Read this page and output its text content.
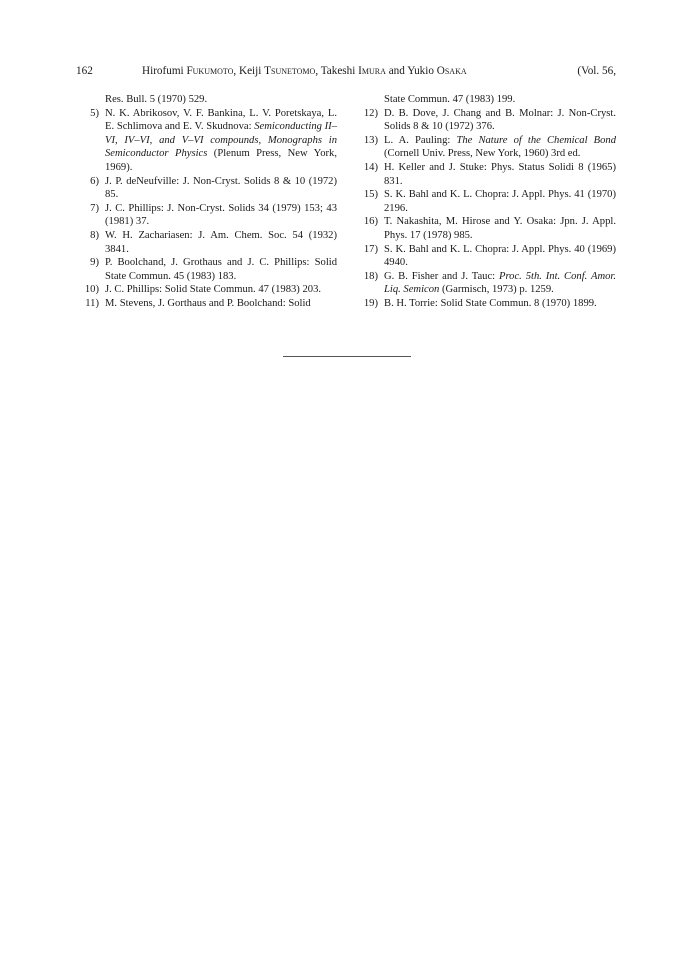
162	Hirofumi Fukumoto, Keiji Tsunetomo, Takeshi Imura and Yukio Osaka	(Vol. 56,
Res. Bull. 5 (1970) 529.
5) N. K. Abrikosov, V. F. Bankina, L. V. Poretskaya, L. E. Schlimova and E. V. Skudnova: Semiconducting II–VI, IV–VI, and V–VI compounds, Monographs in Semiconductor Physics (Plenum Press, New York, 1969).
6) J. P. deNeufville: J. Non-Cryst. Solids 8 & 10 (1972) 85.
7) J. C. Phillips: J. Non-Cryst. Solids 34 (1979) 153; 43 (1981) 37.
8) W. H. Zachariasen: J. Am. Chem. Soc. 54 (1932) 3841.
9) P. Boolchand, J. Grothaus and J. C. Phillips: Solid State Commun. 45 (1983) 183.
10) J. C. Phillips: Solid State Commun. 47 (1983) 203.
11) M. Stevens, J. Gorthaus and P. Boolchand: Solid
State Commun. 47 (1983) 199.
12) D. B. Dove, J. Chang and B. Molnar: J. Non-Cryst. Solids 8 & 10 (1972) 376.
13) L. A. Pauling: The Nature of the Chemical Bond (Cornell Univ. Press, New York, 1960) 3rd ed.
14) H. Keller and J. Stuke: Phys. Status Solidi 8 (1965) 831.
15) S. K. Bahl and K. L. Chopra: J. Appl. Phys. 41 (1970) 2196.
16) T. Nakashita, M. Hirose and Y. Osaka: Jpn. J. Appl. Phys. 17 (1978) 985.
17) S. K. Bahl and K. L. Chopra: J. Appl. Phys. 40 (1969) 4940.
18) G. B. Fisher and J. Tauc: Proc. 5th. Int. Conf. Amor. Liq. Semicon (Garmisch, 1973) p. 1259.
19) B. H. Torrie: Solid State Commun. 8 (1970) 1899.
